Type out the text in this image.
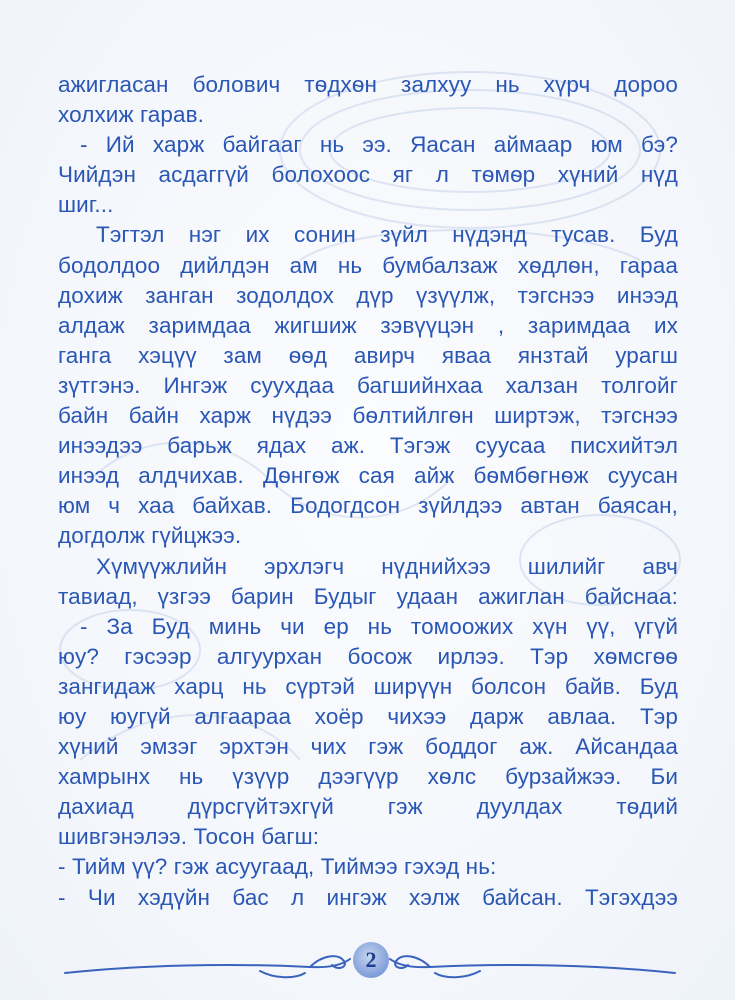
ажигласан болович тѳдхѳн залхуу нь хүрч дороо
холхиж гарав.
- Ий харж байгааг нь ээ. Яасан аймаар юм бэ?
Чийдэн асдаггүй болохоос яг л тѳмѳр хүний нүд
шиг...
Тэгтэл нэг их сонин зүйл нүдэнд тусав. Буд
бодолдоо дийлдэн ам нь бумбалзаж хѳдлѳн, гараа
дохиж занган зодолдох дүр үзүүлж, тэгснээ инээд
алдаж заримдаа жигшиж зэвүүцэн , заримдаа их
ганга хэцүү зам ѳѳд авирч яваа янзтай урагш
зүтгэнэ. Ингэж суухдаа багшийнхаа халзан толгойг
байн байн харж нүдээ бѳлтийлгѳн ширтэж, тэгснээ
инээдээ барьж ядах аж. Тэгэж суусаа писхийтэл
инээд алдчихав. Дѳнгѳж сая айж бѳмбѳгнѳж суусан
юм ч хаа байхав. Бодогдсон зүйлдээ автан баясан,
догдолж гүйцжээ.
Хүмүүжлийн эрхлэгч нүднийхээ шилийг авч
тавиад, үзгээ барин Будыг удаан ажиглан байснаа:
- За Буд минь чи ер нь томоожих хүн үү, үгүй
юу? гэсээр алгуурхан босож ирлээ. Тэр хѳмсгѳѳ
зангидаж харц нь сүртэй ширүүн болсон байв. Буд
юу юугүй алгаараа хоёр чихээ дарж авлаа. Тэр
хүний эмзэг эрхтэн чих гэж боддог аж. Айсандаа
хамрынх нь үзүүр дээгүүр хѳлс бурзайжээ. Би
дахиад дүрсгүйтэхгүй гэж дуулдах тѳдий
шивгэнэлээ. Тосон багш:
- Тийм үү? гэж асуугаад, Тиймээ гэхэд нь:
- Чи хэдүйн бас л ингэж хэлж байсан. Тэгэхдээ
2
